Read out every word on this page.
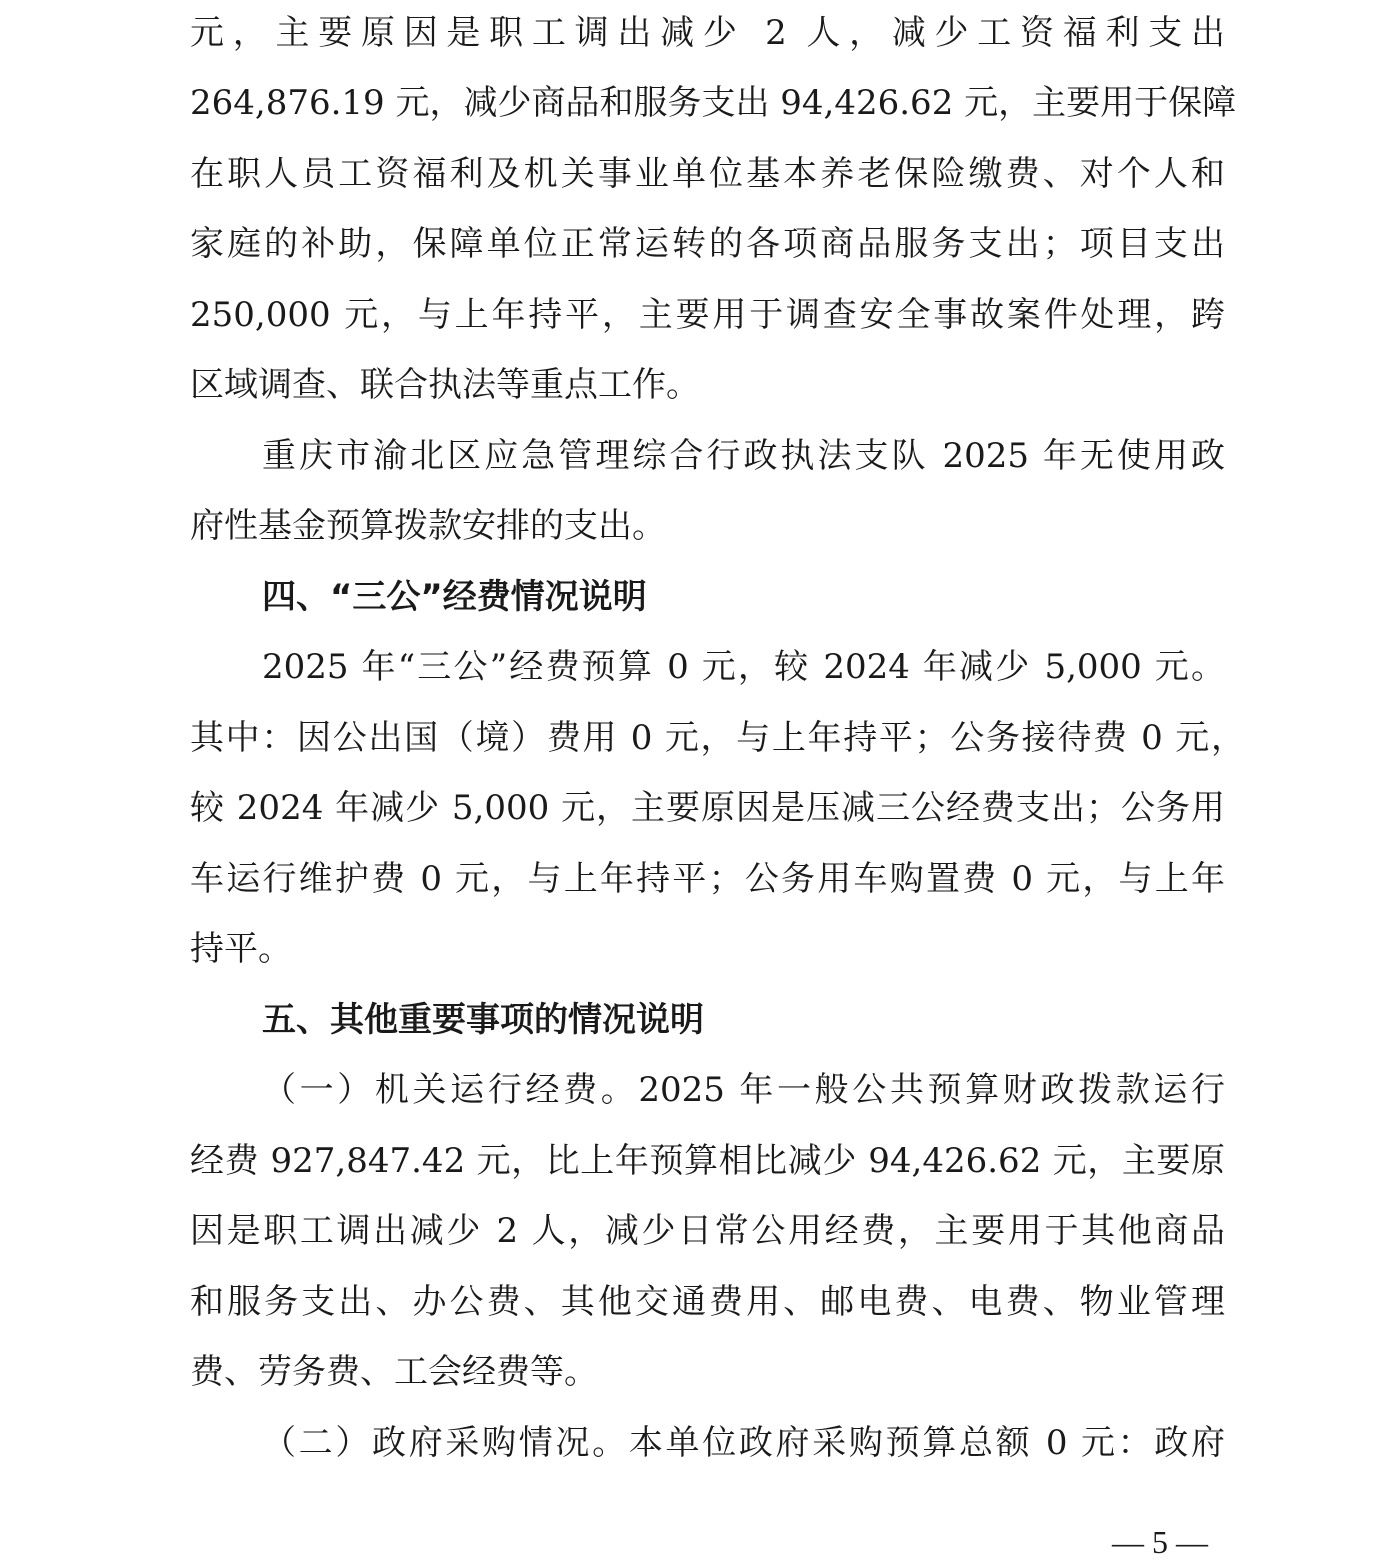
元，主要原因是职工调出减少 2 人，减少工资福利支出
264,876.19 元，减少商品和服务支出 94,426.62 元，主要用于保障
在职人员工资福利及机关事业单位基本养老保险缴费、对个人和
家庭的补助，保障单位正常运转的各项商品服务支出；项目支出
250,000 元，与上年持平，主要用于调查安全事故案件处理，跨
区域调查、联合执法等重点工作。
重庆市渝北区应急管理综合行政执法支队 2025 年无使用政
府性基金预算拨款安排的支出。
四、“三公”经费情况说明
2025 年“三公”经费预算 0 元，较 2024 年减少 5,000 元。
其中：因公出国（境）费用 0 元，与上年持平；公务接待费 0 元，
较 2024 年减少 5,000 元，主要原因是压减三公经费支出；公务用
车运行维护费 0 元，与上年持平；公务用车购置费 0 元，与上年
持平。
五、其他重要事项的情况说明
（一）机关运行经费。2025 年一般公共预算财政拨款运行
经费 927,847.42 元，比上年预算相比减少 94,426.62 元，主要原
因是职工调出减少 2 人，减少日常公用经费，主要用于其他商品
和服务支出、办公费、其他交通费用、邮电费、电费、物业管理
费、劳务费、工会经费等。
（二）政府采购情况。本单位政府采购预算总额 0 元：政府
— 5 —
